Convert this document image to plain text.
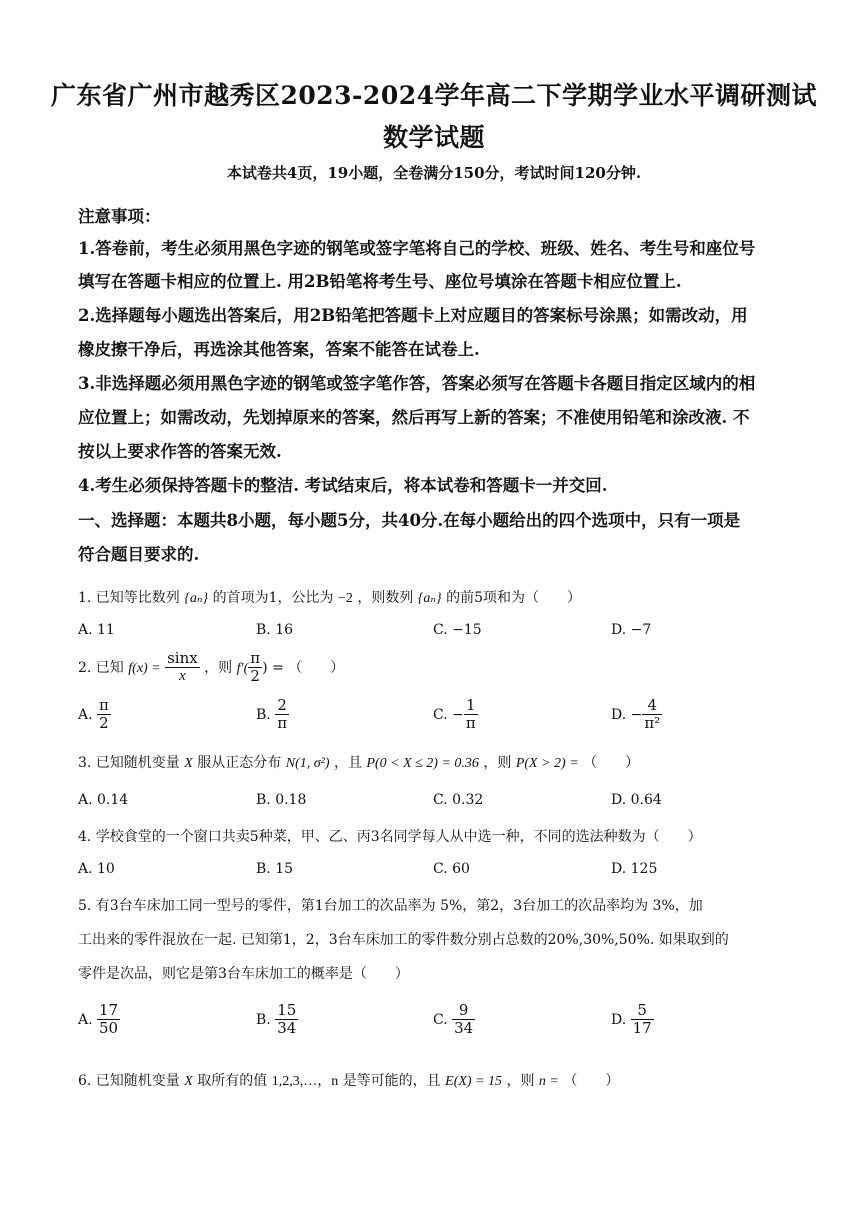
广东省广州市越秀区2023-2024学年高二下学期学业水平调研测试
数学试题
本试卷共4页，19小题，全卷满分150分，考试时间120分钟.
注意事项：
1.答卷前，考生必须用黑色字迹的钢笔或签字笔将自己的学校、班级、姓名、考生号和座位号
填写在答题卡相应的位置上. 用2B铅笔将考生号、座位号填涂在答题卡相应位置上.
2.选择题每小题选出答案后，用2B铅笔把答题卡上对应题目的答案标号涂黑；如需改动，用
橡皮擦干净后，再选涂其他答案，答案不能答在试卷上.
3.非选择题必须用黑色字迹的钢笔或签字笔作答，答案必须写在答题卡各题目指定区域内的相
应位置上；如需改动，先划掉原来的答案，然后再写上新的答案；不准使用铅笔和涂改液. 不
按以上要求作答的答案无效.
4.考生必须保持答题卡的整洁. 考试结束后，将本试卷和答题卡一并交回.
一、选择题：本题共8小题，每小题5分，共40分.在每小题给出的四个选项中，只有一项是
符合题目要求的.
1. 已知等比数列 {aₙ} 的首项为1，公比为 −2 ，则数列 {aₙ} 的前5项和为（　　）
A. 11	B. 16	C. −15	D. −7
2. 已知 $f(x) = \frac{\sin x}{x}$ ，则 $f'( \frac{\pi}{2}$ ) = （　　）
A. $\frac{\pi}{2}$	B. $\frac{2}{\pi}$	C. − $\frac{1}{\pi}$	D. − $\frac{4}{\text{π²}}$
3. 已知随机变量 X 服从正态分布 N(1, σ²) ，且 P(0 < X ≤ 2) = 0.36 ，则 P(X > 2) = （　　）
A. 0.14	B. 0.18	C. 0.32	D. 0.64
4. 学校食堂的一个窗口共卖5种菜，甲、乙、丙3名同学每人从中选一种，不同的选法种数为（　　）
A. 10	B. 15	C. 60	D. 125
5. 有3台车床加工同一型号的零件，第1台加工的次品率为 5%，第2，3台加工的次品率均为 3%，加
工出来的零件混放在一起. 已知第1，2，3台车床加工的零件数分别占总数的20%,30%,50%. 如果取到的
零件是次品，则它是第3台车床加工的概率是（　　）
A. $\frac{17}{50}$	B. $\frac{15}{34}$	C. $\frac{9}{34}$	D. $\frac{5}{17}$
6. 已知随机变量 X 取所有的值 1,2,3,…，n 是等可能的，且 E(X) = 15 ，则 n = （　　）
